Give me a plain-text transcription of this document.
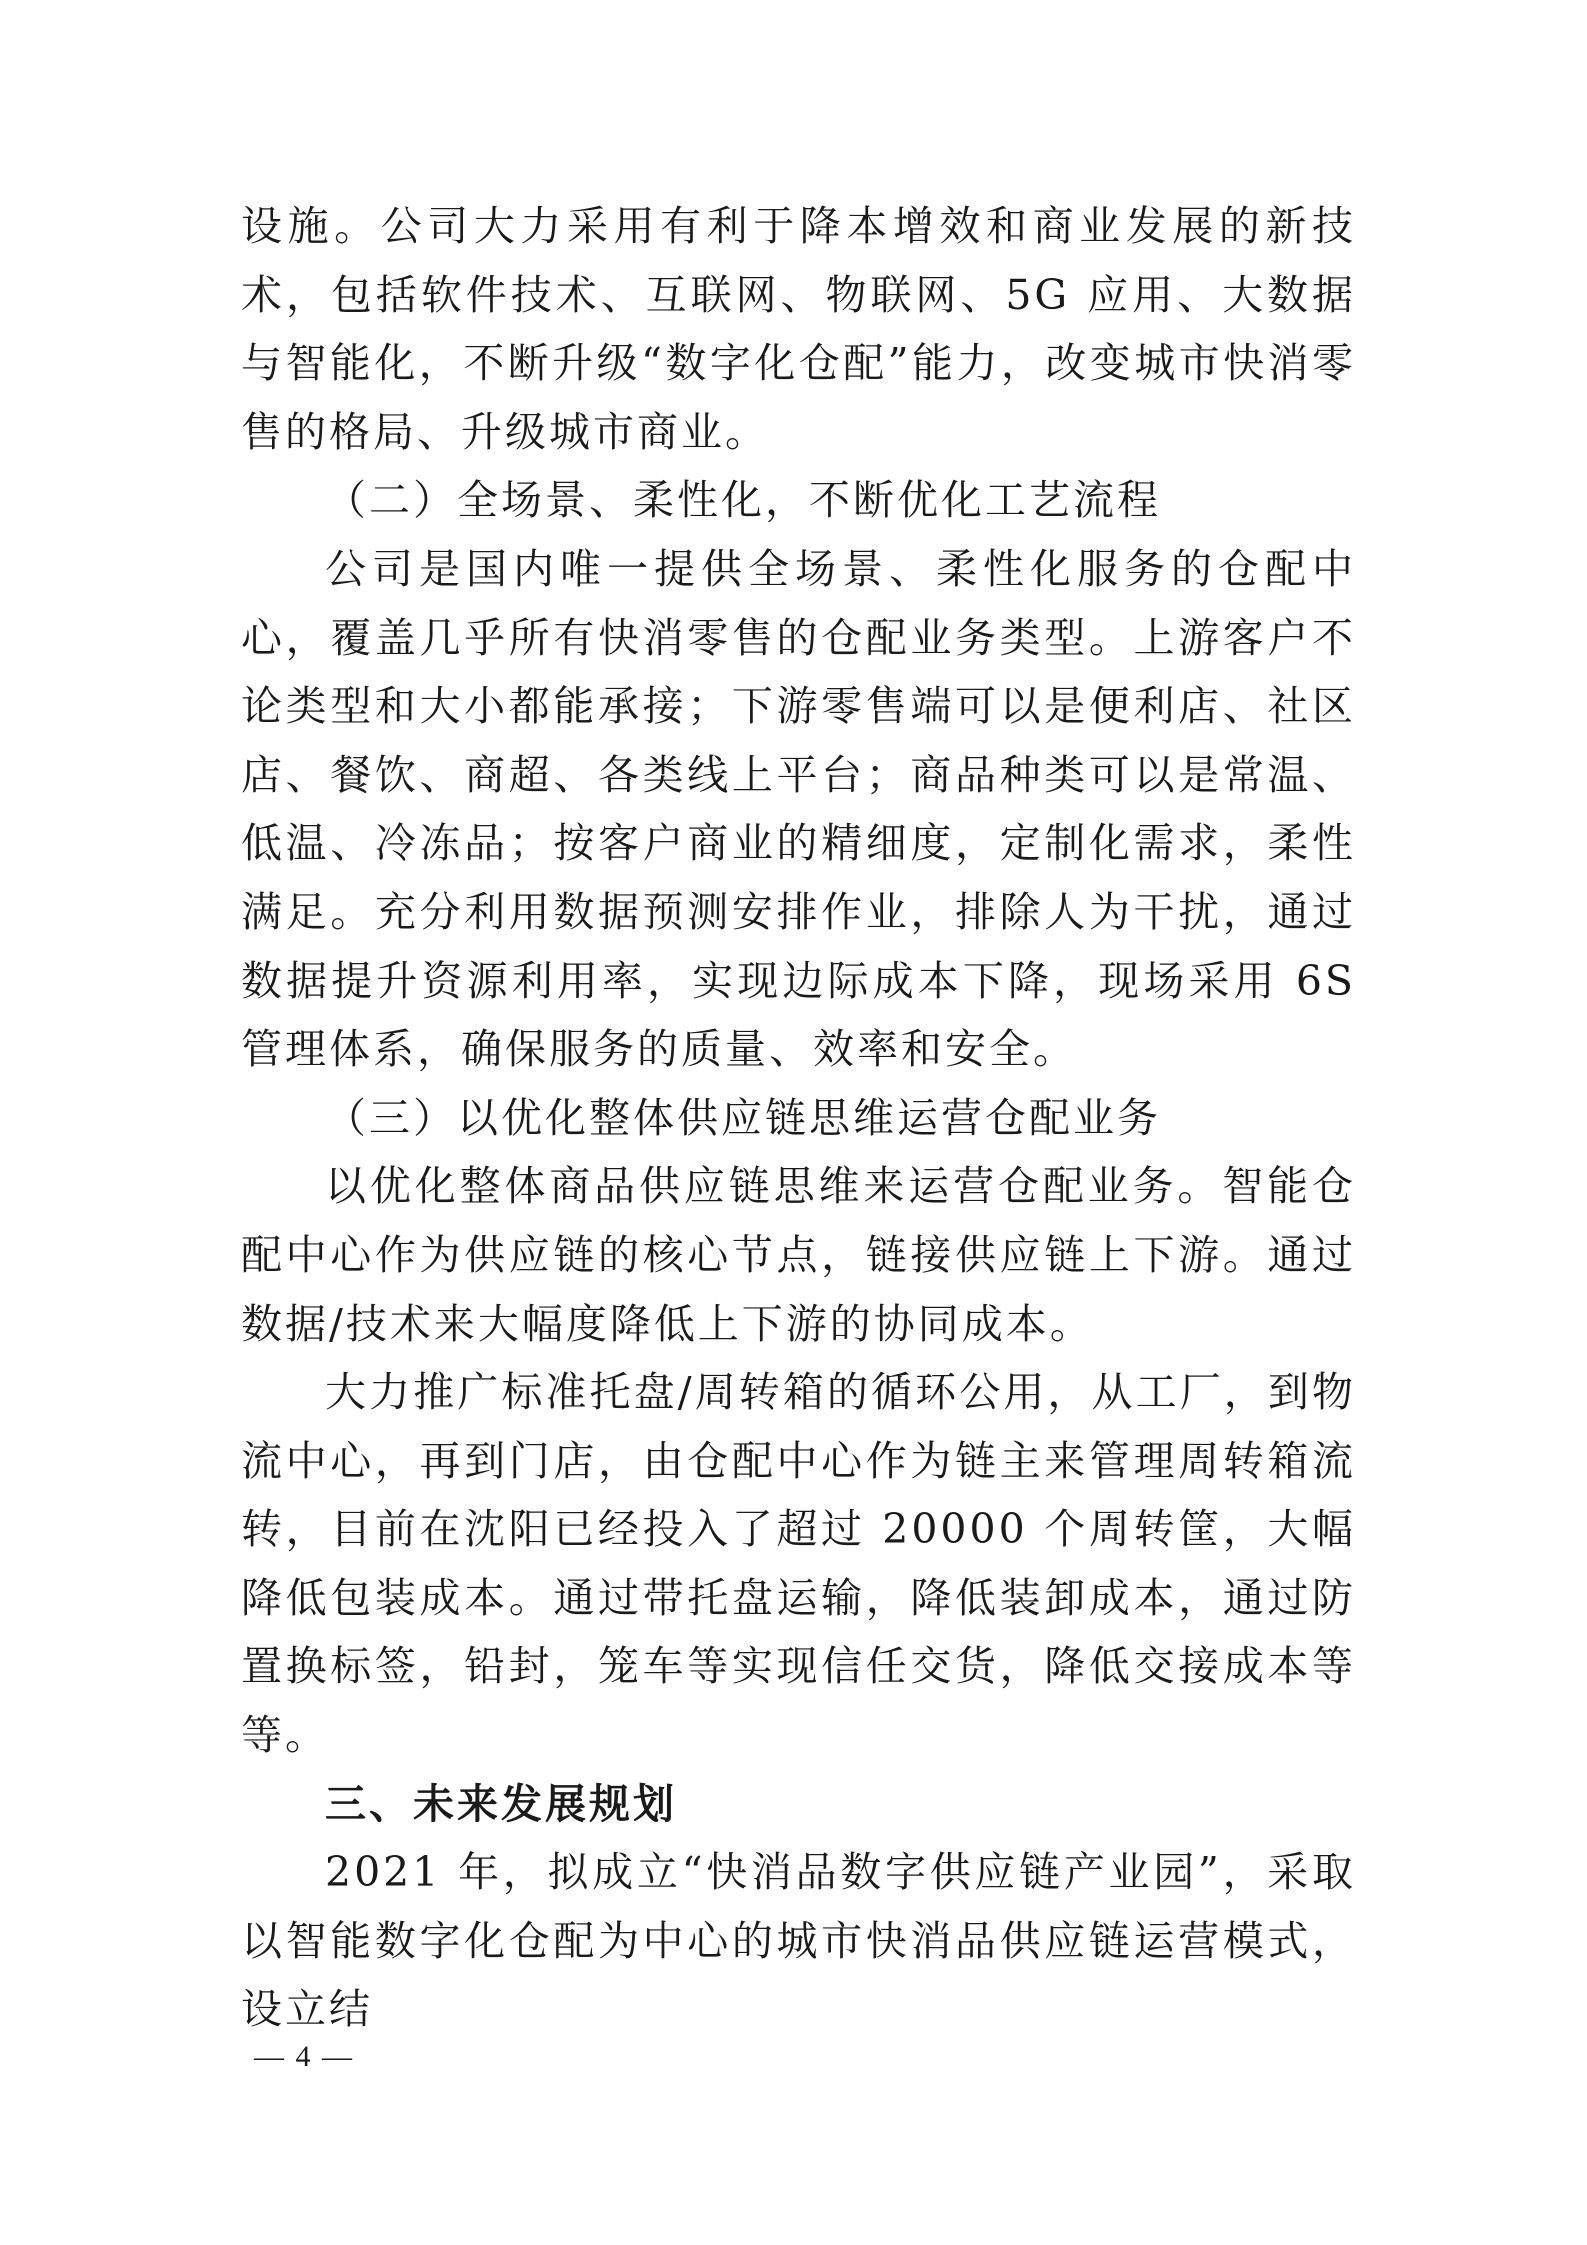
设施。公司大力采用有利于降本增效和商业发展的新技术，包括软件技术、互联网、物联网、5G 应用、大数据与智能化，不断升级“数字化仓配”能力，改变城市快消零售的格局、升级城市商业。

（二）全场景、柔性化，不断优化工艺流程

公司是国内唯一提供全场景、柔性化服务的仓配中心，覆盖几乎所有快消零售的仓配业务类型。上游客户不论类型和大小都能承接；下游零售端可以是便利店、社区店、餐饮、商超、各类线上平台；商品种类可以是常温、低温、冷冻品；按客户商业的精细度，定制化需求，柔性满足。充分利用数据预测安排作业，排除人为干扰，通过数据提升资源利用率，实现边际成本下降，现场采用 6S 管理体系，确保服务的质量、效率和安全。

（三）以优化整体供应链思维运营仓配业务

以优化整体商品供应链思维来运营仓配业务。智能仓配中心作为供应链的核心节点，链接供应链上下游。通过数据/技术来大幅度降低上下游的协同成本。

大力推广标准托盘/周转箱的循环公用，从工厂，到物流中心，再到门店，由仓配中心作为链主来管理周转箱流转，目前在沈阳已经投入了超过 20000 个周转筐，大幅降低包装成本。通过带托盘运输，降低装卸成本，通过防置换标签，铅封，笼车等实现信任交货，降低交接成本等等。

三、未来发展规划

2021 年，拟成立“快消品数字供应链产业园”，采取以智能数字化仓配为中心的城市快消品供应链运营模式，设立结

— 4 —
